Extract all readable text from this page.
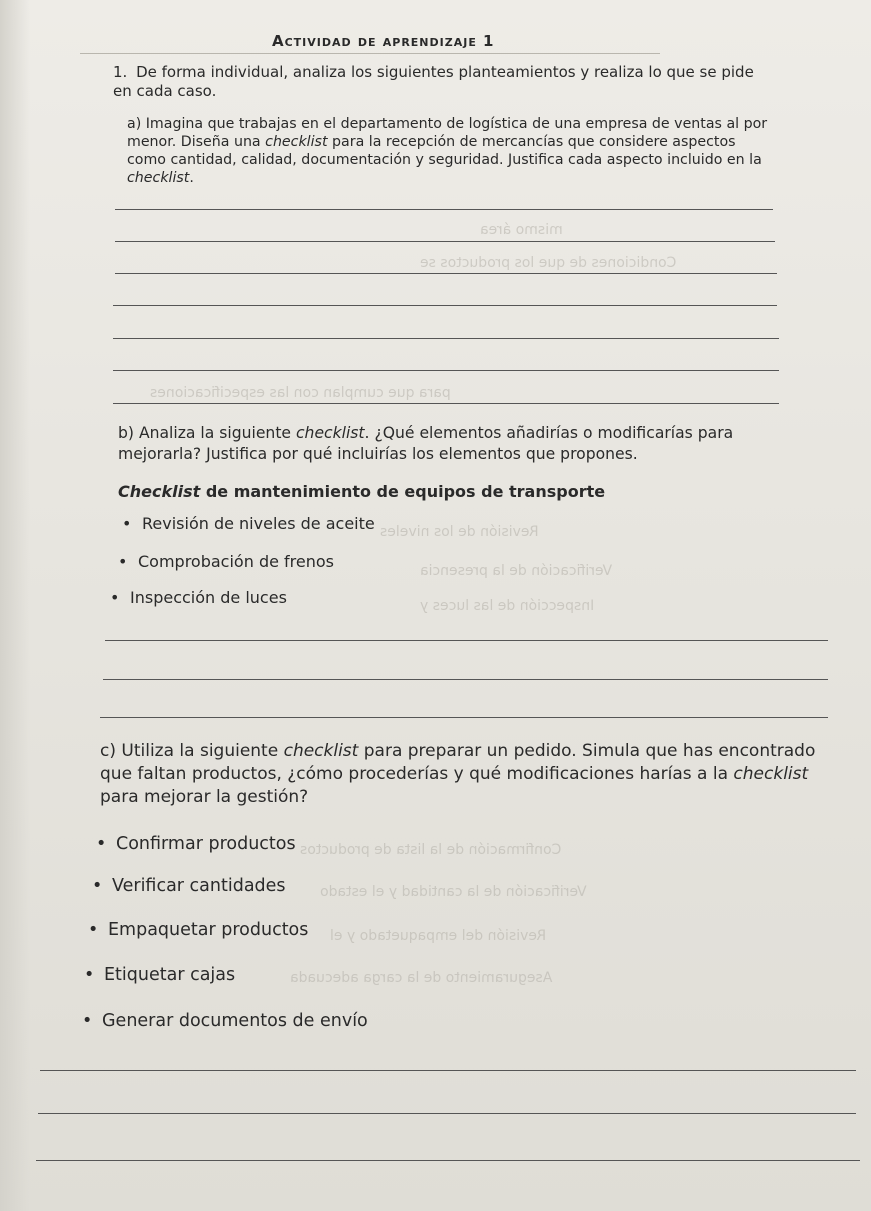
mismo área
Condiciones de que los productos se
para que cumplan con las especificaciones
Revisión de los niveles
Verificación de la presencia
Inspección de las luces y
Confirmación de la lista de productos
Verificación de la cantidad y el estado
Revisión del empaquetado y el
Aseguramiento de la carga adecuada
Actividad de aprendizaje 1
1. De forma individual, analiza los siguientes planteamientos y realiza lo que se pide en cada caso.
a) Imagina que trabajas en el departamento de logística de una empresa de ventas al por menor. Diseña una checklist para la recepción de mercancías que considere aspectos como cantidad, calidad, documentación y seguridad. Justifica cada aspecto incluido en la checklist.
b) Analiza la siguiente checklist. ¿Qué elementos añadirías o modificarías para mejorarla? Justifica por qué incluirías los elementos que propones.
Checklist de mantenimiento de equipos de transporte
• Revisión de niveles de aceite
• Comprobación de frenos
• Inspección de luces
c) Utiliza la siguiente checklist para preparar un pedido. Simula que has encontrado que faltan productos, ¿cómo procederías y qué modificaciones harías a la checklist para mejorar la gestión?
• Confirmar productos
• Verificar cantidades
• Empaquetar productos
• Etiquetar cajas
• Generar documentos de envío
